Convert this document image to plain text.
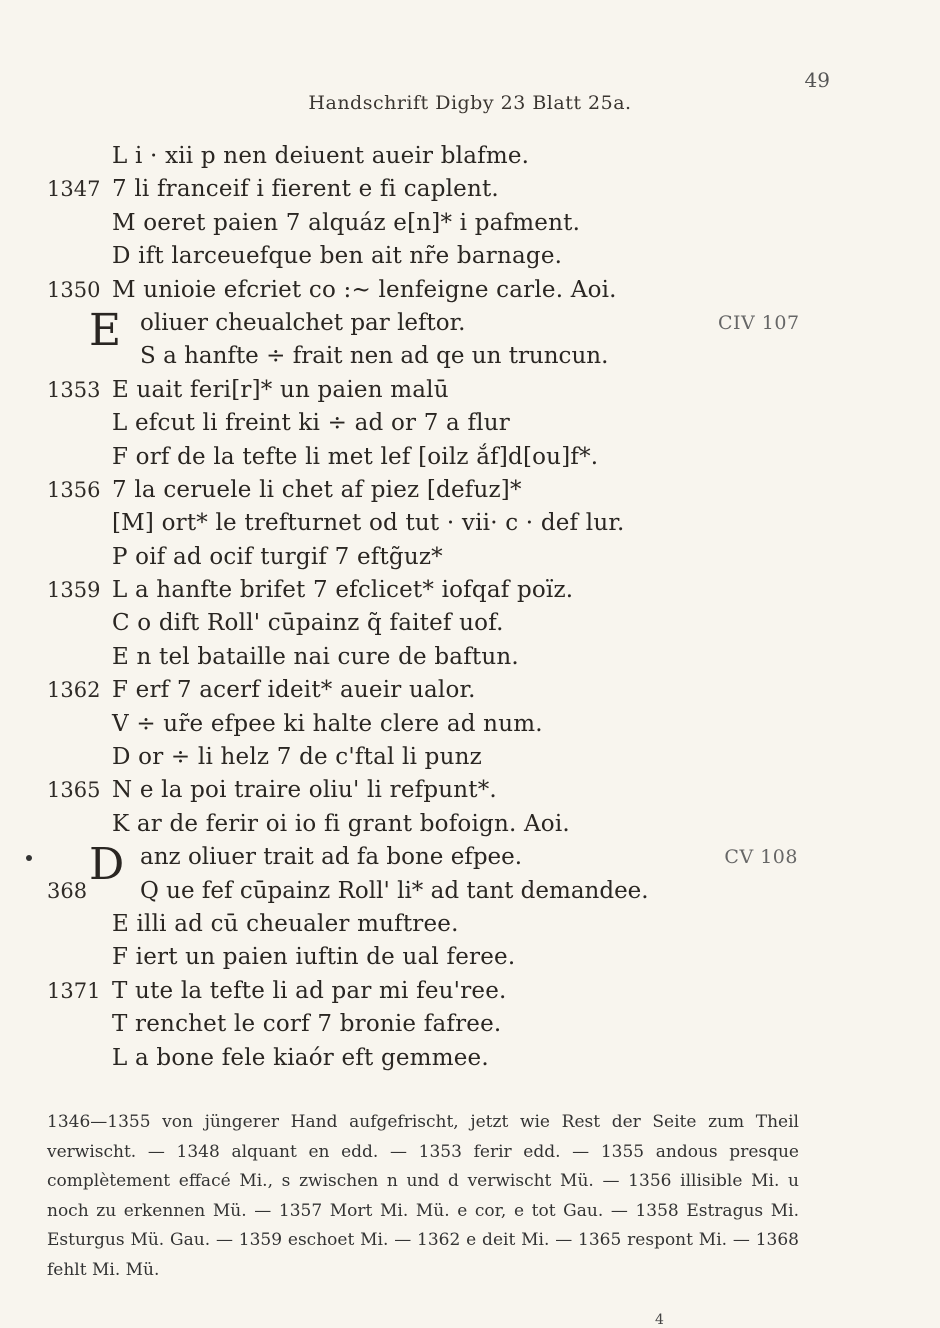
49
Handschrift Digby 23 Blatt 25a.
L i · xii p nen deiuent aueir blafme.
1347 7 li franceif i fierent e fi caplent.
M oeret paien 7 alquáz e[n]* i pafment.
D ift larceuefque ben ait nr̃e barnage.
1350 M unioie efcriet co :~ lenfeigne carle. Aoi.
E oliuer cheualchet par leftor.	CIV 107
S a hanfte ÷ frait nen ad qe un truncun.
1353 E uait feri[r]* un paien malū
L efcut li freint ki ÷ ad or 7 a flur
F orf de la tefte li met lef [oilz ắf]d[ou]f*.
1356 7 la ceruele li chet af piez [defuz]*
[M] ort* le trefturnet od tut · vii· c · def lur.
P oif ad ocif turgif 7 eftg̃uz*
1359 L a hanfte brifet 7 efclicet* iofqaf poïz.
C o dift Roll' cūpainz q̃ faitef uof.
E n tel bataille nai cure de baftun.
1362 F erf 7 acerf ideit* aueir ualor.
V ÷ ur̃e efpee ki halte clere ad num.
D or ÷ li helz 7 de c'ftal li punz
1365 N e la poi traire oliu' li refpunt*.
K ar de ferir oi io fi grant bofoign. Aoi.
D anz oliuer trait ad fa bone efpee.	CV 108
368	Q ue fef cūpainz Roll' li* ad tant demandee.
E illi ad cū cheualer muftree.
F iert un paien iuftin de ual feree.
1371 T ute la tefte li ad par mi feu'ree.
T renchet le corf 7 bronie fafree.
L a bone fele kiaór eft gemmee.

1346—1355 von jüngerer Hand aufgefrischt, jetzt wie Rest der Seite zum Theil verwischt. — 1348 alquant en edd. — 1353 ferir edd. — 1355 andous presque complètement effacé Mi., s zwischen n und d verwischt Mü. — 1356 illisible Mi. u noch zu erkennen Mü. — 1357 Mort Mi. Mü. e cor, e tot Gau. — 1358 Estragus Mi. Esturgus Mü. Gau. — 1359 eschoet Mi. — 1362 e deit Mi. — 1365 respont Mi. — 1368 fehlt Mi. Mü.

4
